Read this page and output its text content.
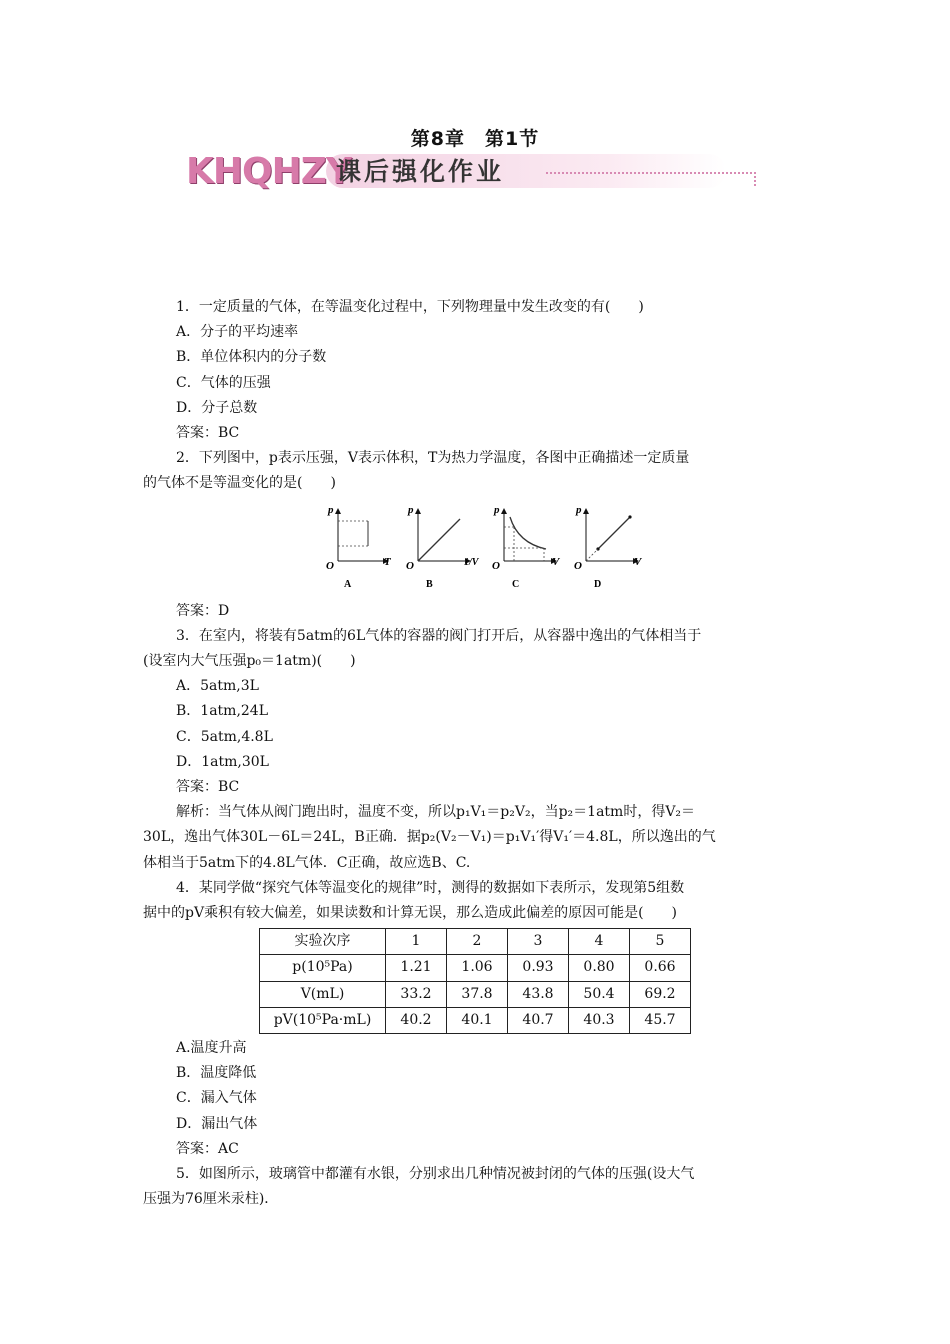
第8章　第1节
KHQHZY
课后强化作业

1．一定质量的气体，在等温变化过程中，下列物理量中发生改变的有(　　)

A．分子的平均速率

B．单位体积内的分子数

C．气体的压强

D．分子总数

答案：BC

2．下列图中，p表示压强，V表示体积，T为热力学温度，各图中正确描述一定质量

的气体不是等温变化的是(　　)

p
T
O
A
p
1/V
O
B
p
V
O
C
p
V
O
D

答案：D

3．在室内，将装有5atm的6L气体的容器的阀门打开后，从容器中逸出的气体相当于

(设室内大气压强p₀＝1atm)(　　)

A．5atm,3L

B．1atm,24L

C．5atm,4.8L

D．1atm,30L

答案：BC

解析：当气体从阀门跑出时，温度不变，所以p₁V₁＝p₂V₂，当p₂＝1atm时，得V₂＝

30L，逸出气体30L－6L＝24L，B正确．据p₂(V₂－V₁)＝p₁V₁′得V₁′＝4.8L，所以逸出的气

体相当于5atm下的4.8L气体．C正确，故应选B、C.

4．某同学做“探究气体等温变化的规律”时，测得的数据如下表所示，发现第5组数

据中的pV乘积有较大偏差，如果读数和计算无误，那么造成此偏差的原因可能是(　　)

实验次序	1	2	3	4	5
p(10⁵Pa)	1.21	1.06	0.93	0.80	0.66
V(mL)	33.2	37.8	43.8	50.4	69.2
pV(10⁵Pa·mL)	40.2	40.1	40.7	40.3	45.7

A.温度升高

B．温度降低

C．漏入气体

D．漏出气体

答案：AC

5．如图所示，玻璃管中都灌有水银，分别求出几种情况被封闭的气体的压强(设大气

压强为76厘米汞柱)．
